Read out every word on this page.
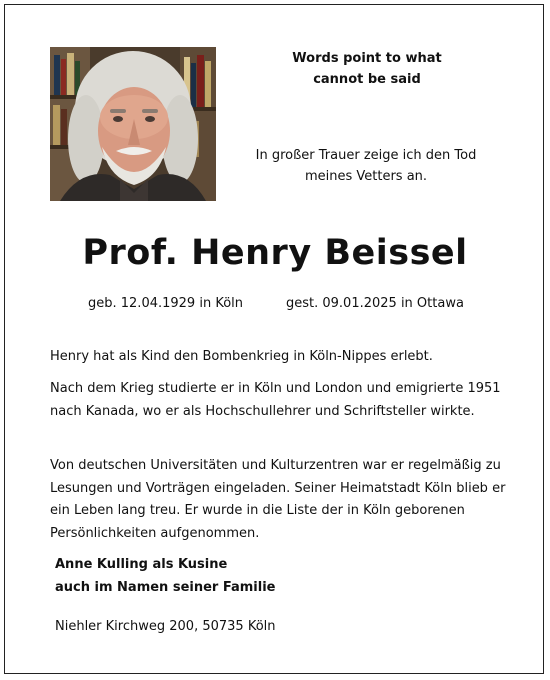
Words point to what
cannot be said
In großer Trauer zeige ich den Tod
meines Vetters an.
Prof. Henry Beissel
geb. 12.04.1929 in Köln	gest. 09.01.2025 in Ottawa

Henry hat als Kind den Bombenkrieg in Köln-Nippes erlebt.

Nach dem Krieg studierte er in Köln und London und emigrierte 1951 nach Kanada, wo er als Hochschullehrer und Schriftsteller wirkte.

Von deutschen Universitäten und Kulturzentren war er regelmäßig zu Lesungen und Vorträgen eingeladen. Seiner Heimatstadt Köln blieb er ein Leben lang treu. Er wurde in die Liste der in Köln geborenen Persönlichkeiten aufgenommen.

Anne Kulling als Kusine
auch im Namen seiner Familie
Niehler Kirchweg 200, 50735 Köln
